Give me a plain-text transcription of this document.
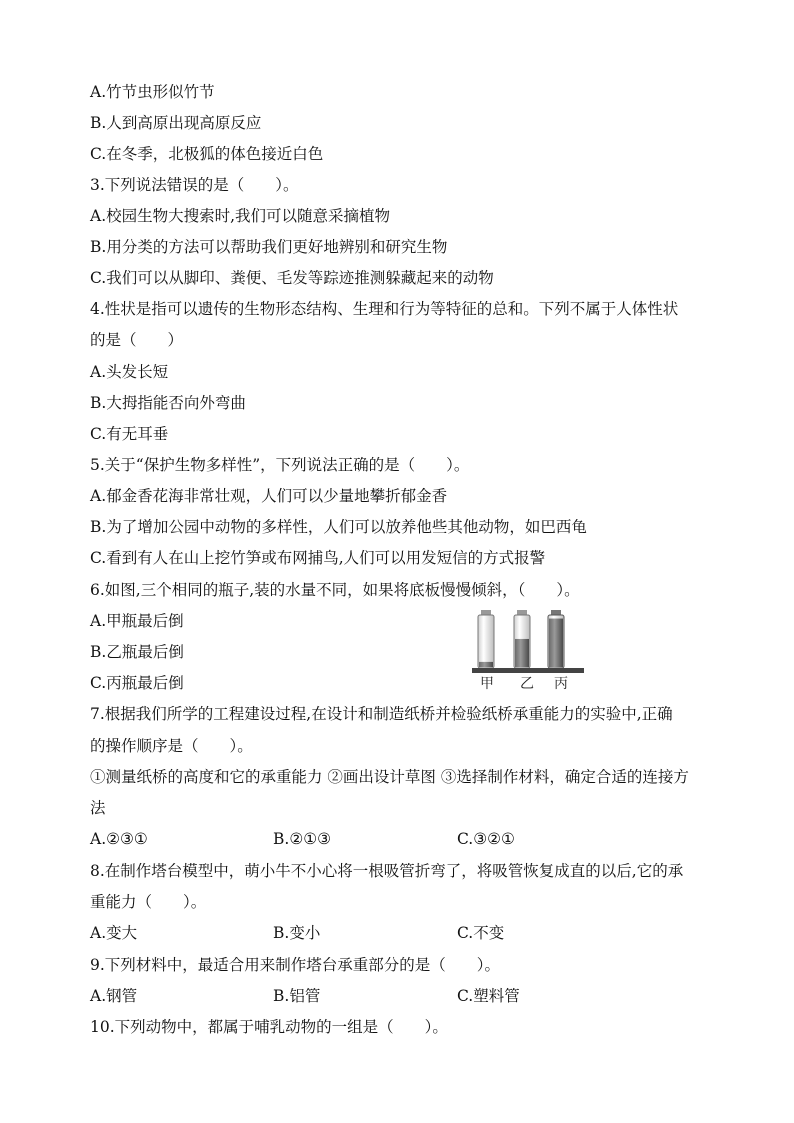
A.竹节虫形似竹节
B.人到高原出现高原反应
C.在冬季，北极狐的体色接近白色
3.下列说法错误的是（　　）。
A.校园生物大搜索时,我们可以随意采摘植物
B.用分类的方法可以帮助我们更好地辨别和研究生物
C.我们可以从脚印、粪便、毛发等踪迹推测躲藏起来的动物
4.性状是指可以遗传的生物形态结构、生理和行为等特征的总和。下列不属于人体性状
的是（　　）
A.头发长短
B.大拇指能否向外弯曲
C.有无耳垂
5.关于“保护生物多样性”，下列说法正确的是（　　）。
A.郁金香花海非常壮观，人们可以少量地攀折郁金香
B.为了增加公园中动物的多样性，人们可以放养他些其他动物，如巴西龟
C.看到有人在山上挖竹笋或布网捕鸟,人们可以用发短信的方式报警
6.如图,三个相同的瓶子,装的水量不同，如果将底板慢慢倾斜，（　　）。
A.甲瓶最后倒
B.乙瓶最后倒
C.丙瓶最后倒
7.根据我们所学的工程建设过程,在设计和制造纸桥并检验纸桥承重能力的实验中,正确
的操作顺序是（　　）。
①测量纸桥的高度和它的承重能力 ②画出设计草图 ③选择制作材料，确定合适的连接方
法
A.②③①	B.②①③	C.③②①
8.在制作塔台模型中，萌小牛不小心将一根吸管折弯了，将吸管恢复成直的以后,它的承
重能力（　　）。
A.变大	B.变小	C.不变
9.下列材料中，最适合用来制作塔台承重部分的是（　　）。
A.钢管	B.铝管	C.塑料管
10.下列动物中，都属于哺乳动物的一组是（　　）。
甲 乙 丙
